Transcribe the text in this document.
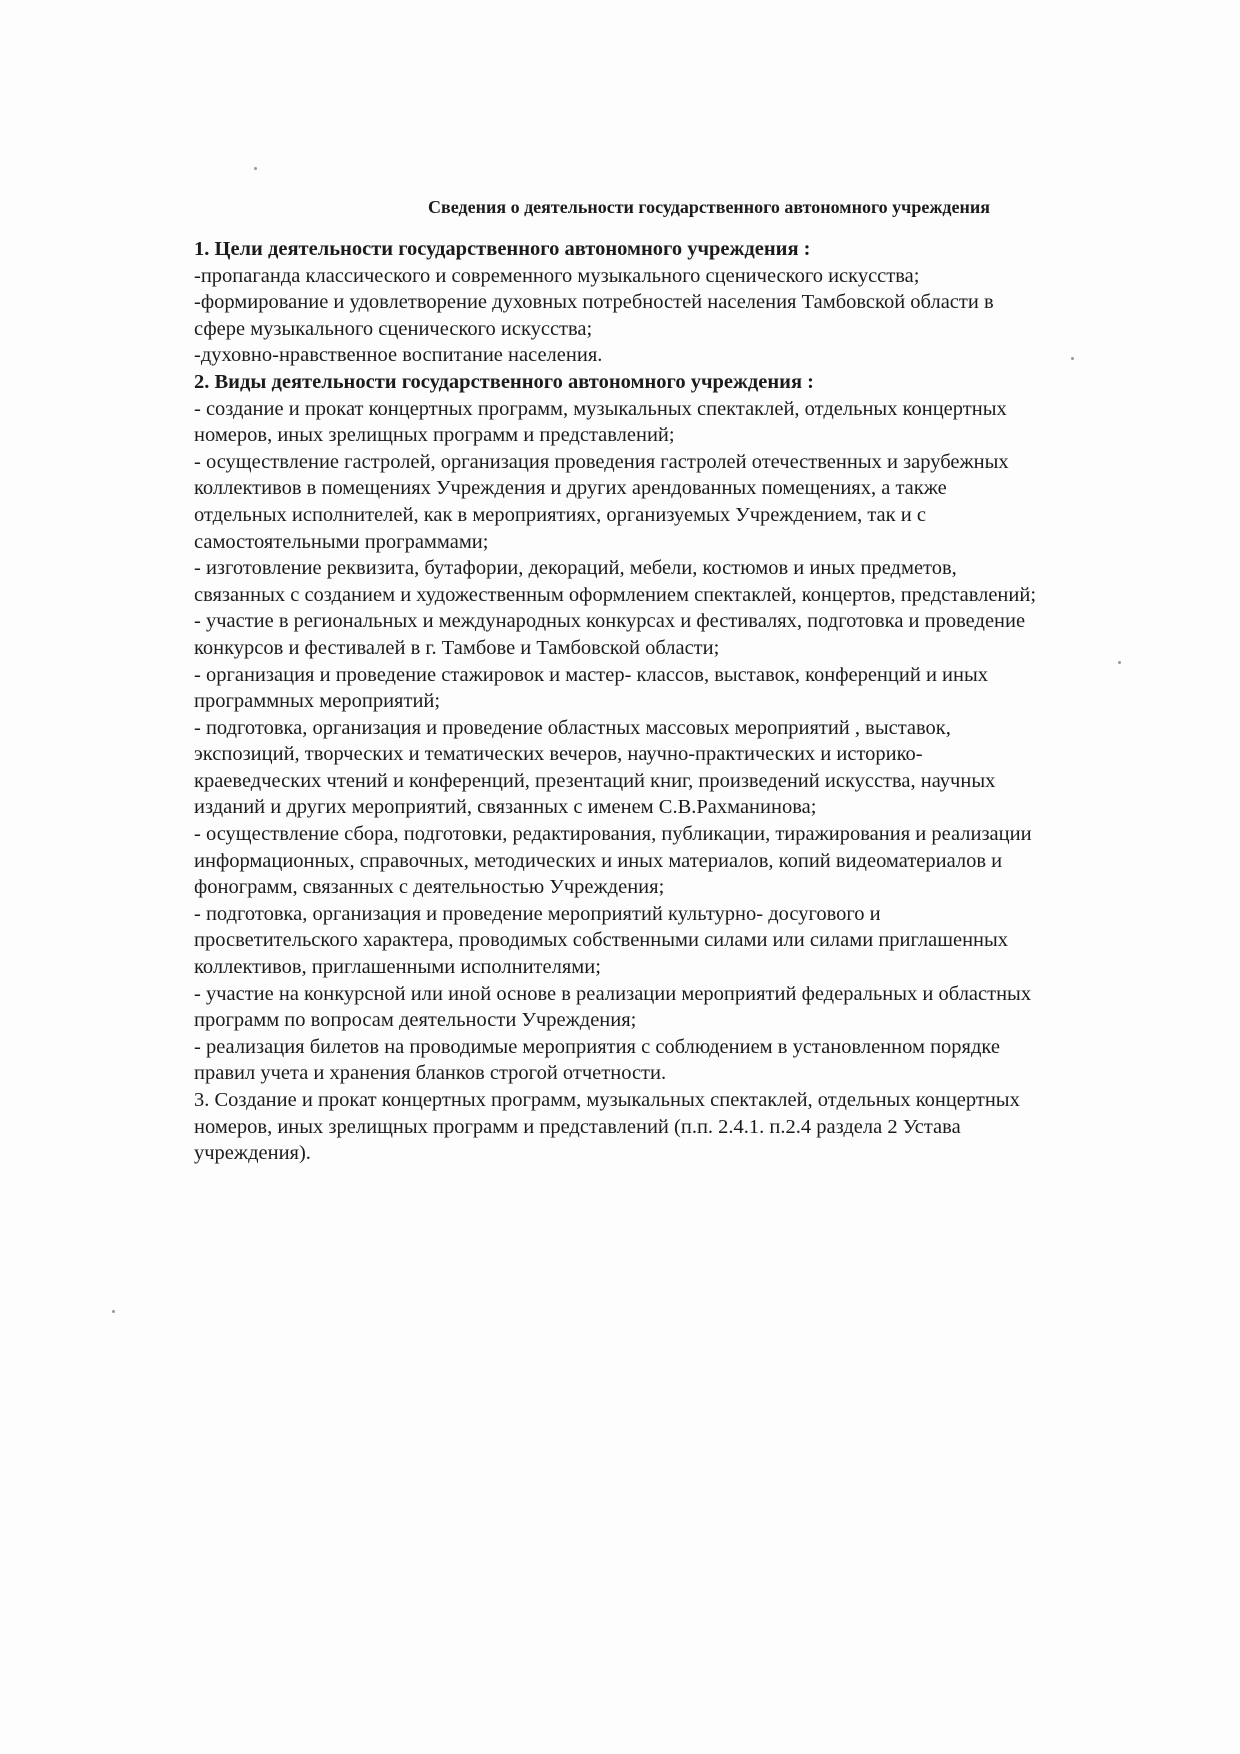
Сведения о деятельности государственного автономного учреждения

1. Цели деятельности государственного автономного учреждения :

-пропаганда классического и современного музыкального сценического искусства;

-формирование и удовлетворение духовных потребностей населения Тамбовской области в

сфере музыкального сценического искусства;

-духовно-нравственное воспитание населения.

2. Виды деятельности государственного автономного учреждения :

- создание и прокат концертных программ, музыкальных спектаклей, отдельных концертных

номеров, иных зрелищных программ и представлений;

- осуществление гастролей, организация проведения гастролей отечественных и зарубежных

коллективов в помещениях Учреждения и других арендованных помещениях, а также

отдельных исполнителей, как в мероприятиях, организуемых Учреждением, так и с

самостоятельными программами;

- изготовление реквизита, бутафории, декораций, мебели, костюмов и иных предметов,

связанных с созданием и художественным оформлением спектаклей, концертов, представлений;

- участие в региональных и международных конкурсах и фестивалях, подготовка и проведение

конкурсов и фестивалей в г. Тамбове и Тамбовской области;

- организация и проведение стажировок и мастер- классов, выставок, конференций и иных

программных мероприятий;

- подготовка, организация и проведение областных массовых мероприятий , выставок,

экспозиций, творческих и тематических вечеров, научно-практических и историко-

краеведческих чтений и конференций, презентаций книг, произведений искусства, научных

изданий и других мероприятий, связанных с именем С.В.Рахманинова;

- осуществление сбора, подготовки, редактирования, публикации, тиражирования и реализации

информационных, справочных, методических и иных материалов, копий видеоматериалов и

фонограмм, связанных с деятельностью Учреждения;

- подготовка, организация и проведение мероприятий культурно- досугового и

просветительского характера, проводимых собственными силами или силами приглашенных

коллективов, приглашенными исполнителями;

- участие на конкурсной или иной основе в реализации мероприятий федеральных и областных

программ по вопросам деятельности Учреждения;

- реализация билетов на проводимые мероприятия с соблюдением в установленном порядке

правил учета и хранения бланков строгой отчетности.

3. Создание и прокат концертных программ, музыкальных спектаклей, отдельных концертных

номеров, иных зрелищных программ и представлений (п.п. 2.4.1. п.2.4 раздела 2 Устава

учреждения).
